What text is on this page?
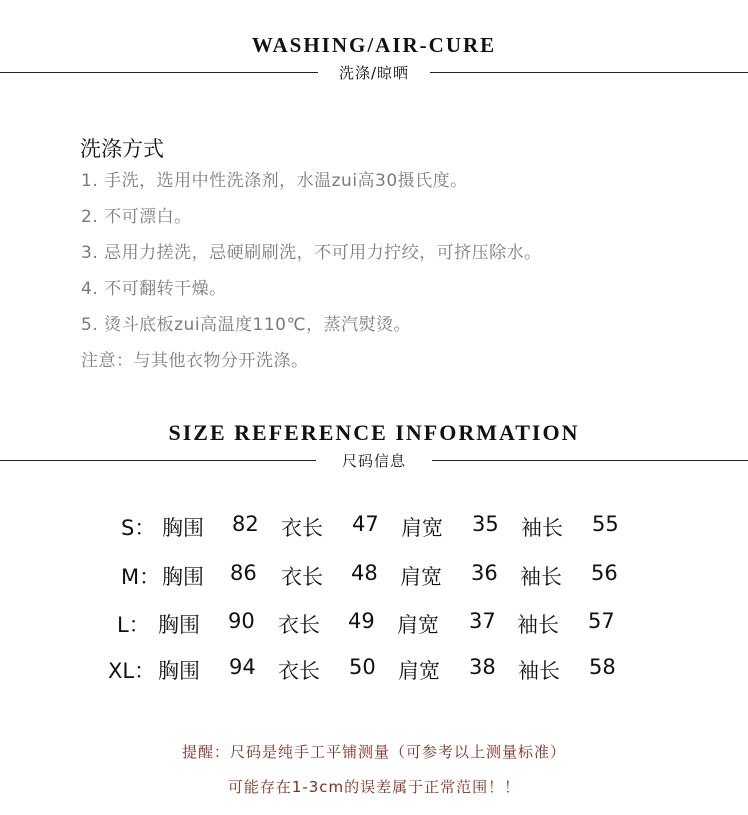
WASHING/AIR-CURE
洗涤/晾晒
洗涤方式
1. 手洗，选用中性洗涤剂，水温zui高30摄氏度。
2. 不可漂白。
3. 忌用力搓洗，忌硬刷刷洗，不可用力拧绞，可挤压除水。
4. 不可翻转干燥。
5. 烫斗底板zui高温度110℃，蒸汽熨烫。
注意：与其他衣物分开洗涤。
SIZE REFERENCE INFORMATION
尺码信息
S： 胸围 82 衣长 47 肩宽 35 袖长 55
M： 胸围 86 衣长 48 肩宽 36 袖长 56
L： 胸围 90 衣长 49 肩宽 37 袖长 57
XL： 胸围 94 衣长 50 肩宽 38 袖长 58
提醒：尺码是纯手工平铺测量（可参考以上测量标准）
可能存在1-3cm的误差属于正常范围！！
